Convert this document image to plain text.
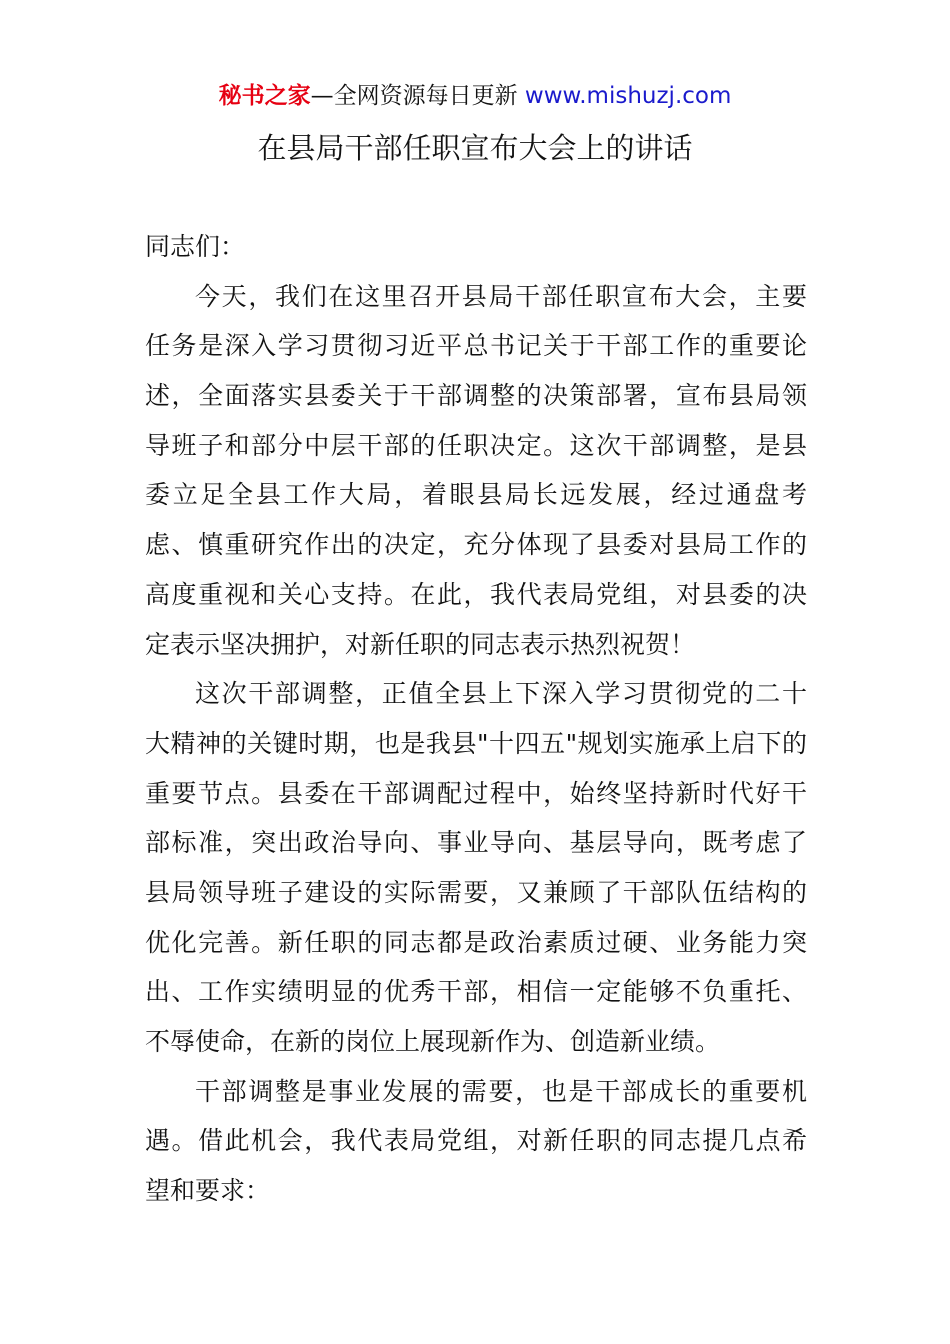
秘书之家—全网资源每日更新 www.mishuzj.com
在县局干部任职宣布大会上的讲话
同志们：
今天，我们在这里召开县局干部任职宣布大会，主要
任务是深入学习贯彻习近平总书记关于干部工作的重要论
述，全面落实县委关于干部调整的决策部署，宣布县局领
导班子和部分中层干部的任职决定。这次干部调整，是县
委立足全县工作大局，着眼县局长远发展，经过通盘考
虑、慎重研究作出的决定，充分体现了县委对县局工作的
高度重视和关心支持。在此，我代表局党组，对县委的决
定表示坚决拥护，对新任职的同志表示热烈祝贺！
这次干部调整，正值全县上下深入学习贯彻党的二十
大精神的关键时期，也是我县"十四五"规划实施承上启下的
重要节点。县委在干部调配过程中，始终坚持新时代好干
部标准，突出政治导向、事业导向、基层导向，既考虑了
县局领导班子建设的实际需要，又兼顾了干部队伍结构的
优化完善。新任职的同志都是政治素质过硬、业务能力突
出、工作实绩明显的优秀干部，相信一定能够不负重托、
不辱使命，在新的岗位上展现新作为、创造新业绩。
干部调整是事业发展的需要，也是干部成长的重要机
遇。借此机会，我代表局党组，对新任职的同志提几点希
望和要求：
